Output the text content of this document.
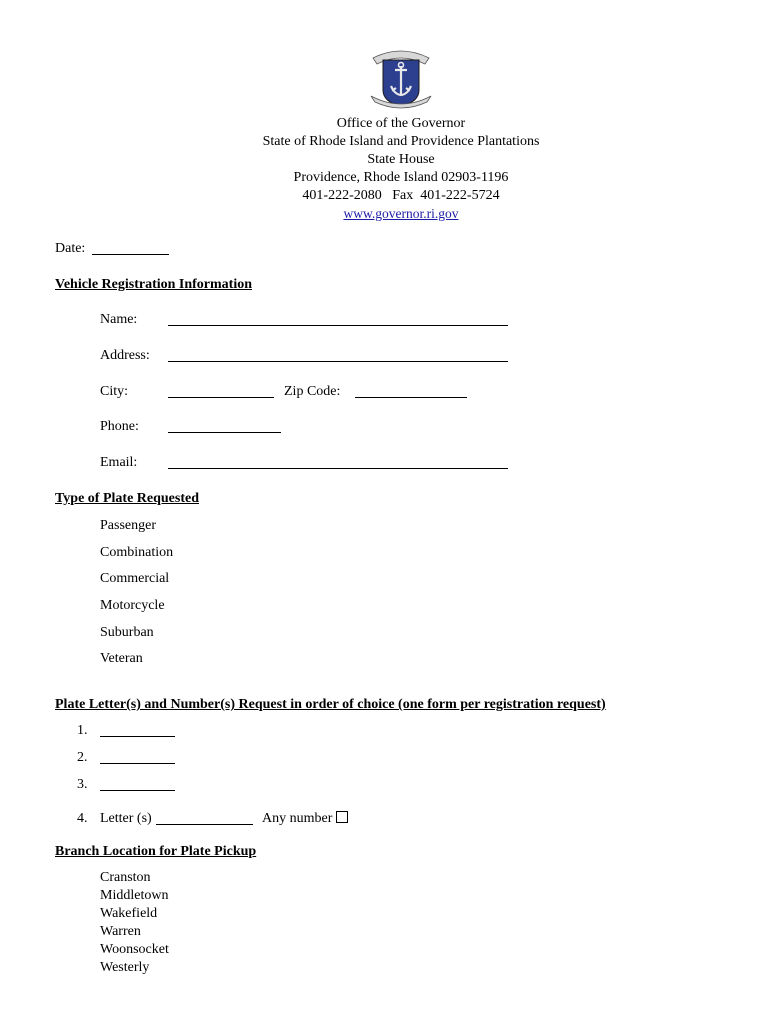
Office of the Governor
State of Rhode Island and Providence Plantations
State House
Providence, Rhode Island 02903-1196
401-222-2080   Fax  401-222-5724
www.governor.ri.gov
Date:
Vehicle Registration Information
Name:
Address:
City:	Zip Code:
Phone:
Email:
Type of Plate Requested
Passenger
Combination
Commercial
Motorcycle
Suburban
Veteran
Plate Letter(s) and Number(s) Request in order of choice (one form per registration request)
1.
2.
3.
4. Letter (s)	Any number
Branch Location for Plate Pickup
Cranston
Middletown
Wakefield
Warren
Woonsocket
Westerly
